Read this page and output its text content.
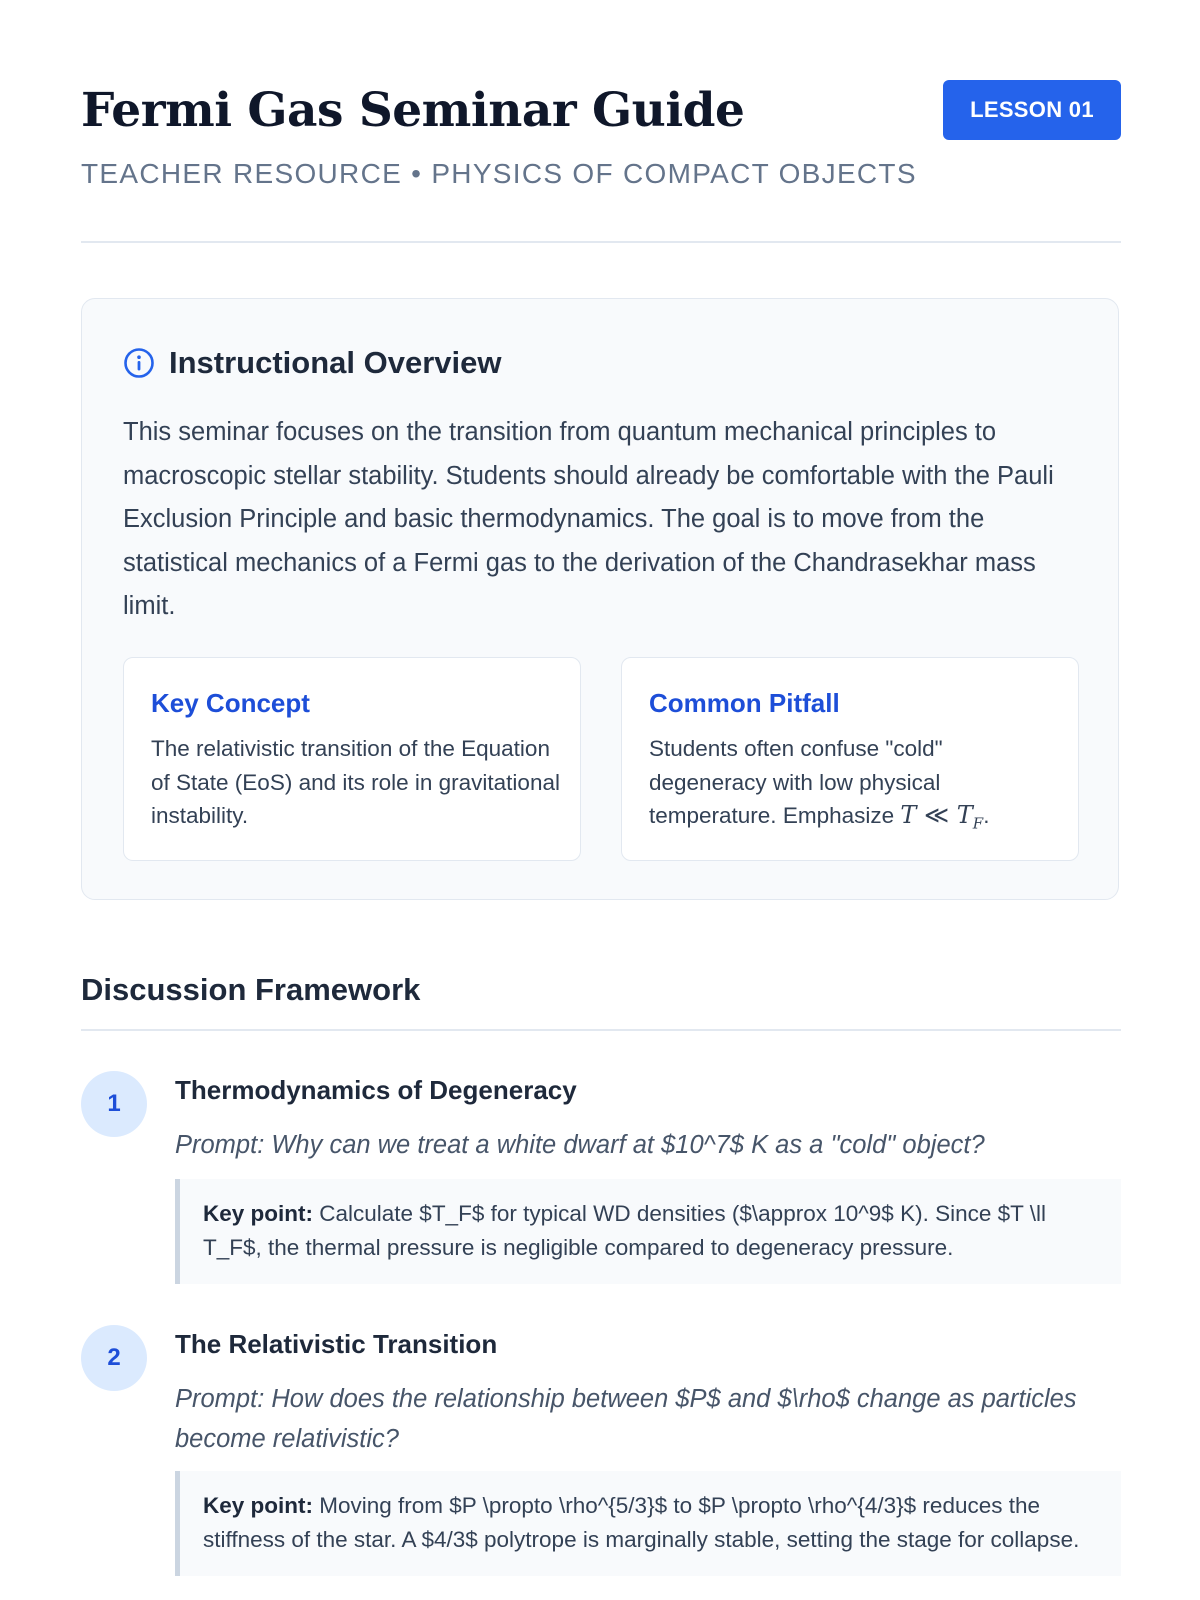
Fermi Gas Seminar Guide	LESSON 01
TEACHER RESOURCE • PHYSICS OF COMPACT OBJECTS
Instructional Overview

This seminar focuses on the transition from quantum mechanical principles to macroscopic stellar stability. Students should already be comfortable with the Pauli Exclusion Principle and basic thermodynamics. The goal is to move from the statistical mechanics of a Fermi gas to the derivation of the Chandrasekhar mass limit.

Key Concept
The relativistic transition of the Equation of State (EoS) and its role in gravitational instability.
Common Pitfall
Students often confuse "cold" degeneracy with low physical temperature. Emphasize T ≪ $T_F$.
Discussion Framework
1	Thermodynamics of Degeneracy
Prompt: Why can we treat a white dwarf at $10^7$ K as a "cold" object?
Key point: Calculate $T_F$ for typical WD densities ($\approx 10^9$ K). Since $T \ll T_F$, the thermal pressure is negligible compared to degeneracy pressure.
2	The Relativistic Transition
Prompt: How does the relationship between $P$ and $\rho$ change as particles become relativistic?
Key point: Moving from $P \propto \rho^{5/3}$ to $P \propto \rho^{4/3}$ reduces the stiffness of the star. A $4/3$ polytrope is marginally stable, setting the stage for collapse.
